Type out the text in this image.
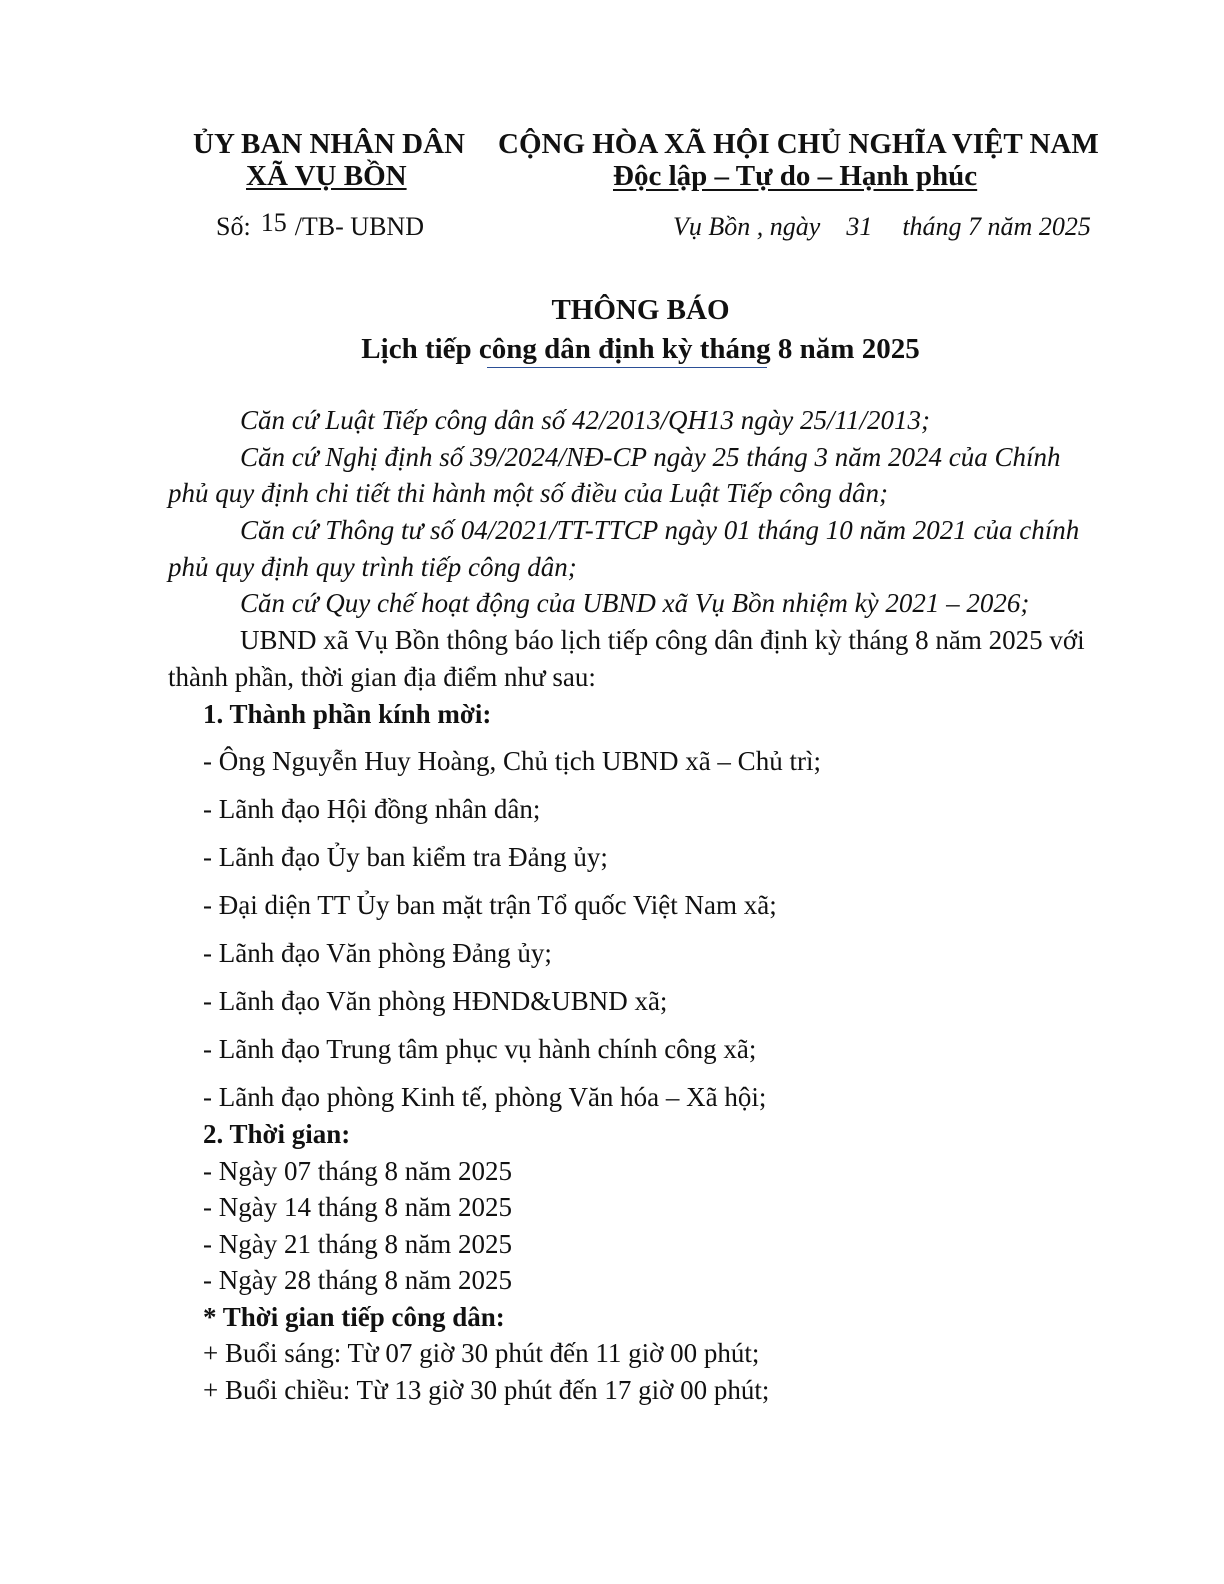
ỦY BAN NHÂN DÂN
XÃ VỤ BỒN
CỘNG HÒA XÃ HỘI CHỦ NGHĨA VIỆT NAM
Độc lập – Tự do – Hạnh phúc
Số: 15 /TB- UBND	Vụ Bồn , ngày 31 tháng 7 năm 2025
THÔNG BÁO
Lịch tiếp công dân định kỳ tháng 8 năm 2025
Căn cứ Luật Tiếp công dân số 42/2013/QH13 ngày 25/11/2013;
Căn cứ Nghị định số 39/2024/NĐ-CP ngày 25 tháng 3 năm 2024 của Chính
phủ quy định chi tiết thi hành một số điều của Luật Tiếp công dân;
Căn cứ Thông tư số 04/2021/TT-TTCP ngày 01 tháng 10 năm 2021 của chính
phủ quy định quy trình tiếp công dân;
Căn cứ Quy chế hoạt động của UBND xã Vụ Bồn nhiệm kỳ 2021 – 2026;
UBND xã Vụ Bồn thông báo lịch tiếp công dân định kỳ tháng 8 năm 2025 với
thành phần, thời gian địa điểm như sau:
1. Thành phần kính mời:
- Ông Nguyễn Huy Hoàng, Chủ tịch UBND xã – Chủ trì;
- Lãnh đạo Hội đồng nhân dân;
- Lãnh đạo Ủy ban kiểm tra Đảng ủy;
- Đại diện TT Ủy ban mặt trận Tổ quốc Việt Nam xã;
- Lãnh đạo Văn phòng Đảng ủy;
- Lãnh đạo Văn phòng HĐND&UBND xã;
- Lãnh đạo Trung tâm phục vụ hành chính công xã;
- Lãnh đạo phòng Kinh tế, phòng Văn hóa – Xã hội;
2. Thời gian:
- Ngày 07 tháng 8 năm 2025
- Ngày 14 tháng 8 năm 2025
- Ngày 21 tháng 8 năm 2025
- Ngày 28 tháng 8 năm 2025
* Thời gian tiếp công dân:
+ Buổi sáng: Từ 07 giờ 30 phút đến 11 giờ 00 phút;
+ Buổi chiều: Từ 13 giờ 30 phút đến 17 giờ 00 phút;
